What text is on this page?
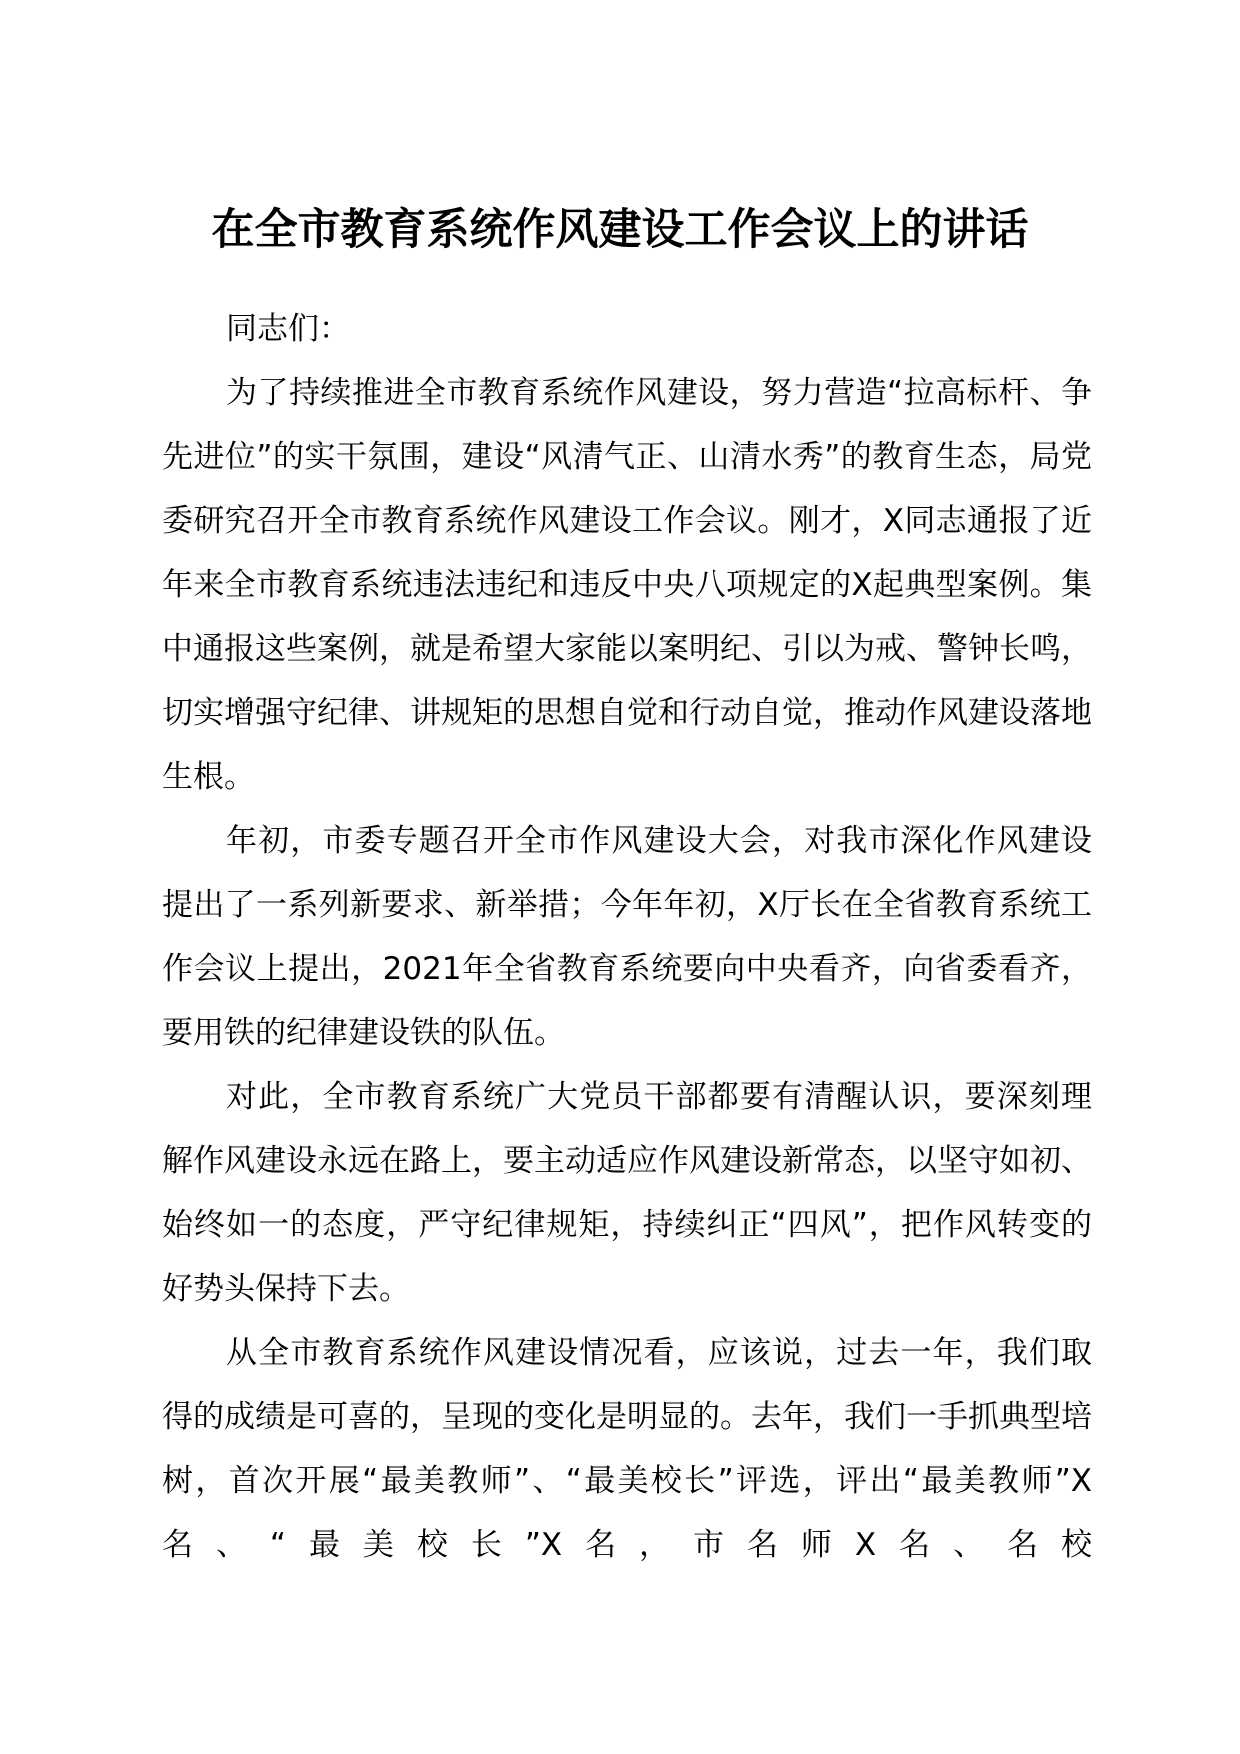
在全市教育系统作风建设工作会议上的讲话

同志们：

为了持续推进全市教育系统作风建设，努力营造“拉高标杆、争先进位”的实干氛围，建设“风清气正、山清水秀”的教育生态，局党委研究召开全市教育系统作风建设工作会议。刚才，X同志通报了近年来全市教育系统违法违纪和违反中央八项规定的X起典型案例。集中通报这些案例，就是希望大家能以案明纪、引以为戒、警钟长鸣，切实增强守纪律、讲规矩的思想自觉和行动自觉，推动作风建设落地生根。

年初，市委专题召开全市作风建设大会，对我市深化作风建设提出了一系列新要求、新举措；今年年初，X厅长在全省教育系统工作会议上提出，2021年全省教育系统要向中央看齐，向省委看齐，要用铁的纪律建设铁的队伍。

对此，全市教育系统广大党员干部都要有清醒认识，要深刻理解作风建设永远在路上，要主动适应作风建设新常态，以坚守如初、始终如一的态度，严守纪律规矩，持续纠正“四风”，把作风转变的好势头保持下去。

从全市教育系统作风建设情况看，应该说，过去一年，我们取得的成绩是可喜的，呈现的变化是明显的。去年，我们一手抓典型培树，首次开展“最美教师”、“最美校长”评选，评出“最美教师”X名、“最美校长”X名，市名师X名、名校
